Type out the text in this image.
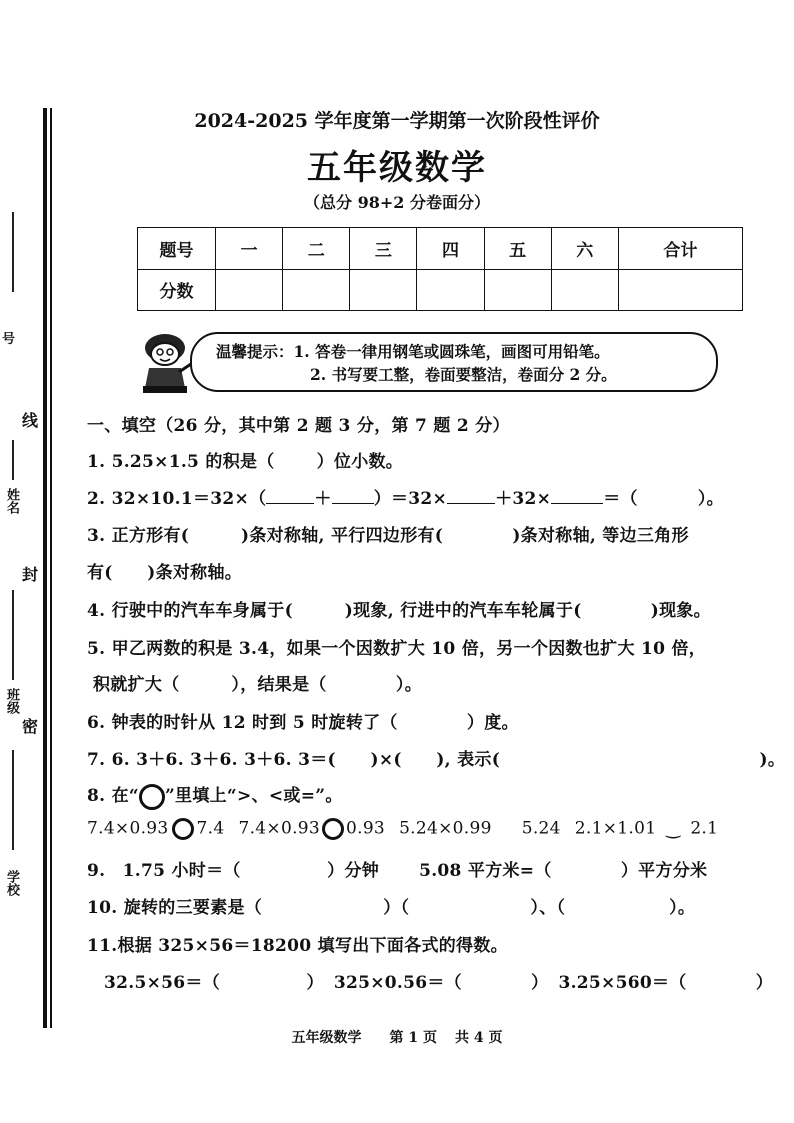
号
线
姓名
封
班级
密
学校
2024-2025 学年度第一学期第一次阶段性评价
五年级数学
（总分 98+2 分卷面分）
题号	一	二	三	四	五	六	合计
分数							
温馨提示：1. 答卷一律用钢笔或圆珠笔，画图可用铅笔。
2. 书写要工整，卷面要整洁，卷面分 2 分。
一、填空（26 分，其中第 2 题 3 分，第 7 题 2 分）
1. 5.25×1.5 的积是（ ）位小数。
2. 32×10.1＝32×（	＋ ）＝32×	＋32×	＝（	）。
3. 正方形有(　　　)条对称轴, 平行四边形有(　　　　)条对称轴, 等边三角形
有(　　)条对称轴。
4. 行驶中的汽车车身属于(　　　)现象, 行进中的汽车车轮属于(　　　　)现象。
5. 甲乙两数的积是 3.4，如果一个因数扩大 10 倍，另一个因数也扩大 10 倍，
积就扩大（　　　），结果是（　　　　）。
6. 钟表的时针从 12 时到 5 时旋转了（　　　　）度。
7. 6. 3＋6. 3＋6. 3＋6. 3＝(　　)×(　　), 表示(　　　　　　　　　　　　　　　)。
8. 在“ ”里填上“>、<或=”。
7.4×0.93 7.4 7.4×0.93 0.93 5.24×0.99 5.24 2.1×1.01 ‿ 2.1
9.　1.75 小时＝（　　　　　）分钟 5.08 平方米=（　　　　）平方分米
10. 旋转的三要素是（　　　　　　　）（　　　　　　　）、（　　　　　　）。
11.根据 325×56＝18200 填写出下面各式的得数。
32.5×56＝（　　　　　） 325×0.56＝（　　　　） 3.25×560＝（　　　　）
五年级数学 第 1 页 共 4 页
